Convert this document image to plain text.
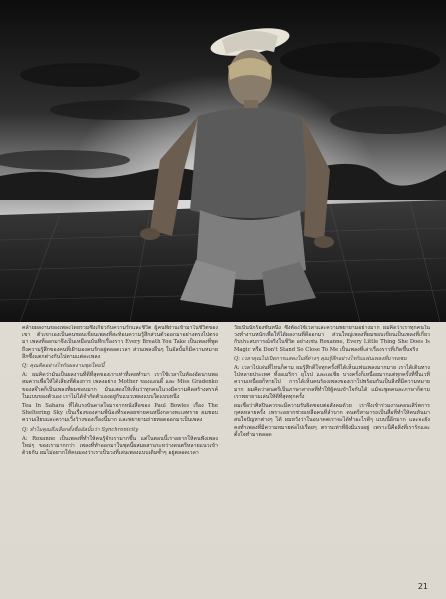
คล้ายผลงานของเพลงโดยรวมซึ่งเกี่ยวกับความรักและชีวิต ผู้คนที่ผ่านเข้ามาในชีวิตของเขา ตัวเขาเองเป็นคนชอบเขียนเพลงที่สะท้อนความรู้สึกส่วนตัวออกมาอย่างตรงไปตรงมา เพลงที่ออกมาจึงเป็นเหมือนบันทึกเรื่องราว Every Breath You Take เป็นเพลงที่พูดถึงความรู้สึกของคนที่เฝ้ามองคนรักอยู่ตลอดเวลา ส่วนเพลงอื่นๆ ในอัลบั้มก็มีความหมายลึกซึ้งแตกต่างกันไปตามแต่ละเพลง

Q: คุณคิดอย่างไรกับผลงานชุดใหม่นี้

A: ผมคิดว่ามันเป็นผลงานที่ดีที่สุดของเราเท่าที่เคยทำมา เราใช้เวลาในห้องอัดนานพอสมควรเพื่อให้ได้เสียงที่ต้องการ เพลงอย่าง Mother ของแอนดี้ และ Miss Gradenko ของสจ๊วตก็เป็นเพลงที่ผมชอบมาก มันแสดงให้เห็นว่าทุกคนในวงมีความคิดสร้างสรรค์ในแบบของตัวเอง เราไม่ได้จำกัดตัวเองอยู่กับแนวเพลงแบบใดแบบหนึ่ง

Tea In Sahara ที่ได้แรงบันดาลใจมาจากหนังสือของ Paul Bowles เรื่อง The Sheltering Sky เป็นเรื่องของสามพี่น้องที่รอคอยชายคนหนึ่งกลางทะเลทราย ผมชอบความเงียบและความเวิ้งว้างของเรื่องนี้มาก และพยายามถ่ายทอดออกมาเป็นเพลง

Q: ทำไมคุณถึงเลือกตั้งชื่ออัลบั้มว่า Synchronicity

A: Roxanne เป็นเพลงที่ทำให้คนรู้จักเรามากขึ้น แต่ในตอนนี้เราอยากให้คนฟังเพลงใหม่ๆ ของเรามากกว่า เพลงที่ทำออกมาในชุดนี้ผสมผสานระหว่างดนตรีหลายแนวเข้าด้วยกัน ผมไม่อยากให้คนมองว่าเราเป็นวงที่เล่นเพลงแบบเดิมซ้ำๆ อยู่ตลอดเวลา

วัยเป็นนักร้องชั้นหนึ่ง ซึ่งต้องใช้เวลาและความพยายามอย่างมาก ผมคิดว่าเราทุกคนในวงทำงานหนักเพื่อให้ได้ผลงานที่ดีออกมา ส่วนใหญ่เพลงที่ผมชอบเขียนเป็นเพลงที่เกี่ยวกับประสบการณ์จริงในชีวิต อย่างเช่น Roxanne, Every Little Thing She Does Is Magic หรือ Don't Stand So Close To Me เป็นเพลงที่เล่าเรื่องราวที่เกิดขึ้นจริง

Q: เวลาคุณไปเปิดการแสดงในที่ต่างๆ คุณรู้สึกอย่างไรกับแฟนเพลงที่มารอชม

A: เวลาไปเล่นที่ไหนก็ตาม ผมรู้สึกดีใจทุกครั้งที่ได้เห็นแฟนเพลงมากมาย เราได้เดินทางไปหลายประเทศ ทั้งอเมริกา ยุโรป และเอเชีย บางครั้งก็เหนื่อยมากแต่ทุกครั้งที่ขึ้นเวทีความเหนื่อยก็หายไป การได้เห็นคนร้องเพลงของเราไปพร้อมกันเป็นสิ่งที่มีความหมายมาก ผมคิดว่าดนตรีเป็นภาษาสากลที่ทำให้ผู้คนเข้าใจกันได้ แม้จะพูดคนละภาษาก็ตาม เราพยายามเล่นให้ดีที่สุดทุกครั้ง

ผมเชื่อว่าศิลปินควรจะมีความรับผิดชอบต่อสังคมด้วย เราจึงเข้าร่วมงานคอนเสิร์ตการกุศลหลายครั้ง เพราะอยากช่วยเหลือคนที่ลำบาก ดนตรีสามารถเป็นสื่อที่ทำให้คนหันมาสนใจปัญหาต่างๆ ได้ ผมหวังว่าในอนาคตเราจะได้ทำอะไรดีๆ แบบนี้อีกมาก และจะยังคงทำเพลงที่มีความหมายต่อไปเรื่อยๆ ตราบเท่าที่ยังมีแรงอยู่ เพราะนี่คือสิ่งที่เรารักและตั้งใจทำมาตลอด

21
